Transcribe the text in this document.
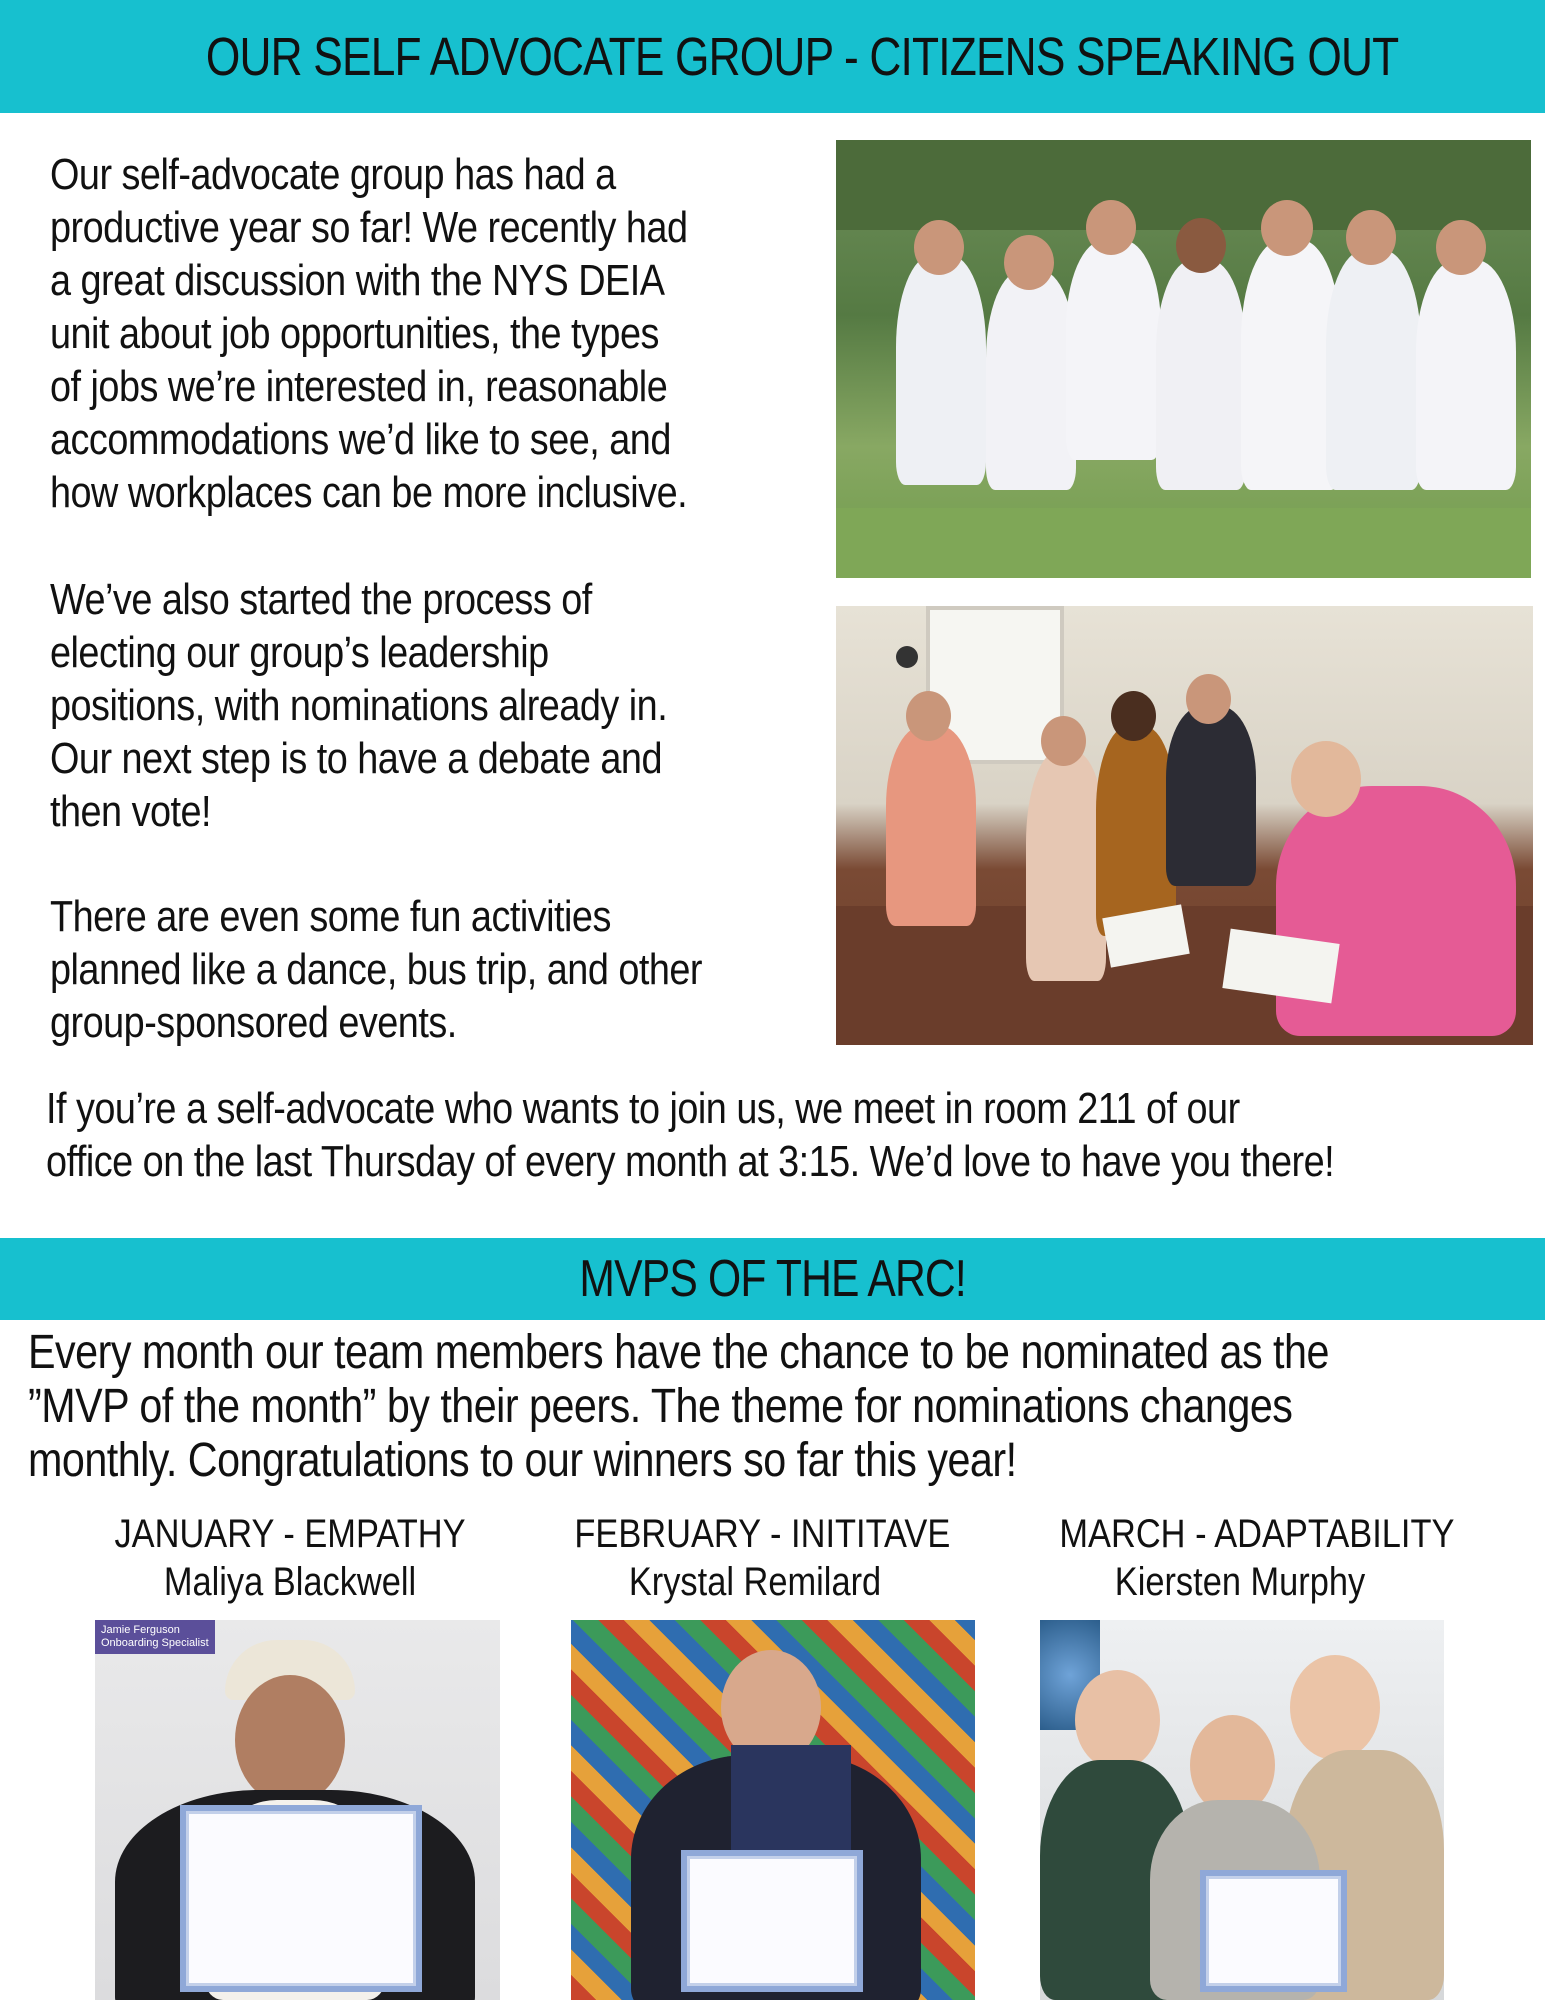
OUR SELF ADVOCATE GROUP - CITIZENS SPEAKING OUT

Our self-advocate group has had a
productive year so far! We recently had
a great discussion with the NYS DEIA
unit about job opportunities, the types
of jobs we’re interested in, reasonable
accommodations we’d like to see, and
how workplaces can be more inclusive.

We’ve also started the process of
electing our group’s leadership
positions, with nominations already in.
Our next step is to have a debate and
then vote!

There are even some fun activities
planned like a dance, bus trip, and other
group-sponsored events.

If you’re a self-advocate who wants to join us, we meet in room 211 of our
office on the last Thursday of every month at 3:15. We’d love to have you there!

MVPS OF THE ARC!

Every month our team members have the chance to be nominated as the
”MVP of the month” by their peers. The theme for nominations changes
monthly. Congratulations to our winners so far this year!

JANUARY - EMPATHY
Maliya Blackwell
FEBRUARY - INITITAVE
Krystal Remilard
MARCH - ADAPTABILITY
Kiersten Murphy
Jamie Ferguson
Onboarding Specialist
